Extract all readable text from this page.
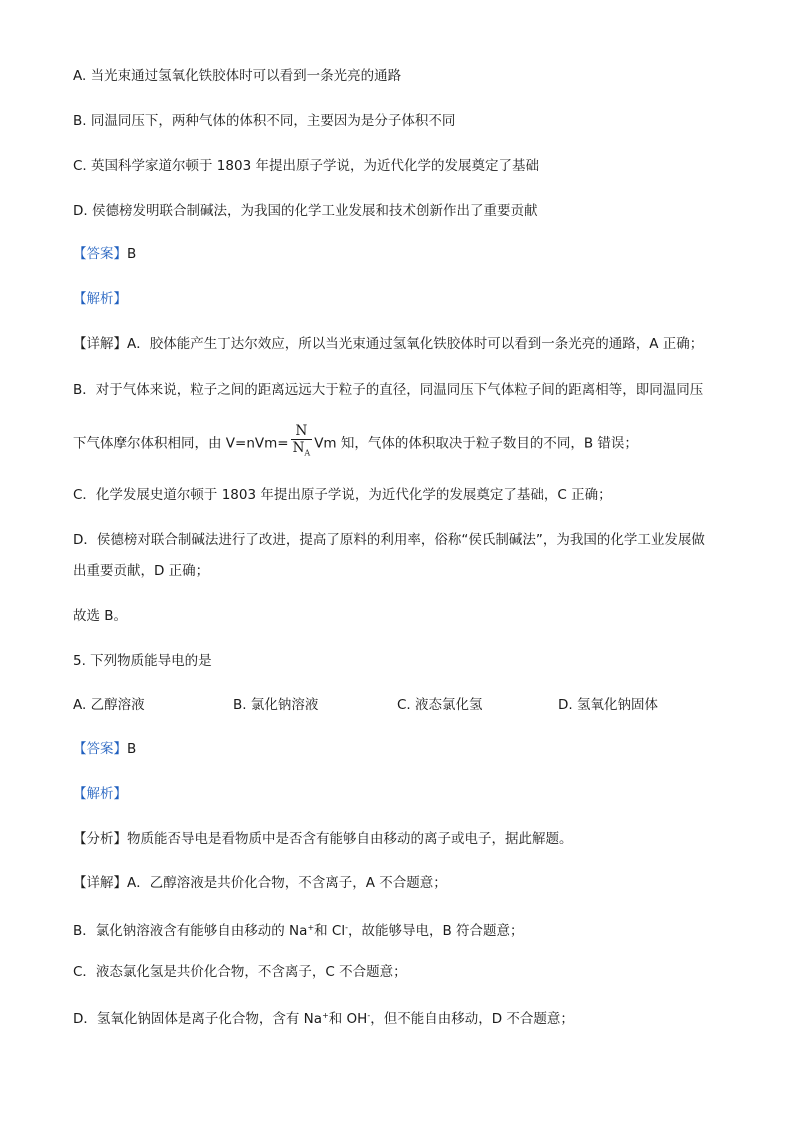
A. 当光束通过氢氧化铁胶体时可以看到一条光亮的通路
B. 同温同压下，两种气体的体积不同，主要因为是分子体积不同
C. 英国科学家道尔顿于 1803 年提出原子学说，为近代化学的发展奠定了基础
D. 侯德榜发明联合制碱法，为我国的化学工业发展和技术创新作出了重要贡献
【答案】B
【解析】
【详解】A．胶体能产生丁达尔效应，所以当光束通过氢氧化铁胶体时可以看到一条光亮的通路，A 正确；
B．对于气体来说，粒子之间的距离远远大于粒子的直径，同温同压下气体粒子间的距离相等，即同温同压
下气体摩尔体积相同，由 $V=nVm= \frac{N}{N_A}$ Vm 知，气体的体积取决于粒子数目的不同，B 错误；
C．化学发展史道尔顿于 1803 年提出原子学说，为近代化学的发展奠定了基础，C 正确；
D．侯德榜对联合制碱法进行了改进，提高了原料的利用率，俗称“侯氏制碱法”，为我国的化学工业发展做
出重要贡献，D 正确；
故选 B。
5. 下列物质能导电的是
A. 乙醇溶液	B. 氯化钠溶液	C. 液态氯化氢	D. 氢氧化钠固体
【答案】B
【解析】
【分析】物质能否导电是看物质中是否含有能够自由移动的离子或电子，据此解题。
【详解】A．乙醇溶液是共价化合物，不含离子，A 不合题意；
B．氯化钠溶液含有能够自由移动的 Na+和 Cl-，故能够导电，B 符合题意；
C．液态氯化氢是共价化合物，不含离子，C 不合题意；
D．氢氧化钠固体是离子化合物，含有 Na+和 OH-，但不能自由移动，D 不合题意；
